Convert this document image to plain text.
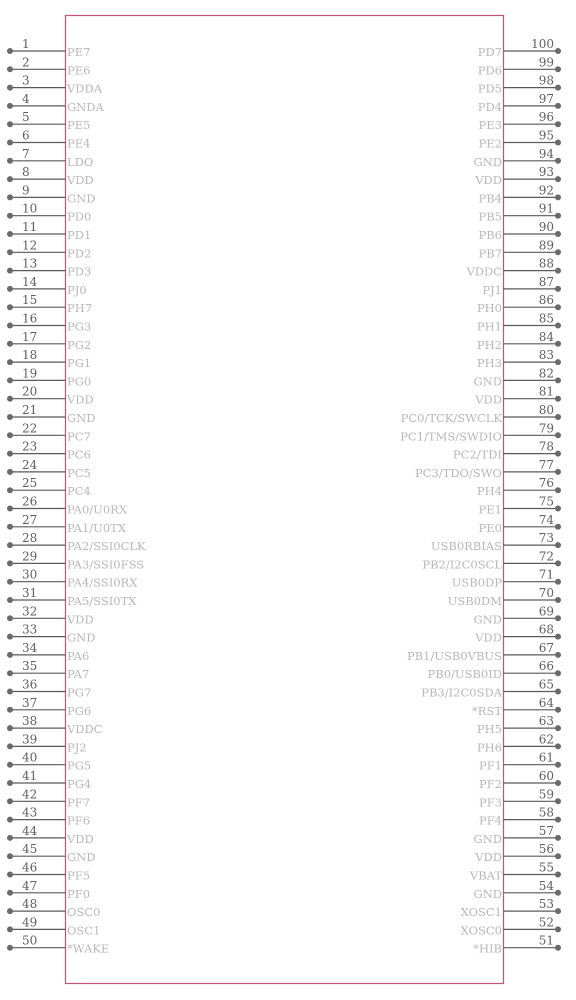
1
PE7
2
PE6
3
VDDA
4
GNDA
5
PE5
6
PE4
7
LDO
8
VDD
9
GND
10
PD0
11
PD1
12
PD2
13
PD3
14
PJ0
15
PH7
16
PG3
17
PG2
18
PG1
19
PG0
20
VDD
21
GND
22
PC7
23
PC6
24
PC5
25
PC4
26
PA0/U0RX
27
PA1/U0TX
28
PA2/SSI0CLK
29
PA3/SSI0FSS
30
PA4/SSI0RX
31
PA5/SSI0TX
32
VDD
33
GND
34
PA6
35
PA7
36
PG7
37
PG6
38
VDDC
39
PJ2
40
PG5
41
PG4
42
PF7
43
PF6
44
VDD
45
GND
46
PF5
47
PF0
48
OSC0
49
OSC1
50
*WAKE
100
PD7
99
PD6
98
PD5
97
PD4
96
PE3
95
PE2
94
GND
93
VDD
92
PB4
91
PB5
90
PB6
89
PB7
88
VDDC
87
PJ1
86
PH0
85
PH1
84
PH2
83
PH3
82
GND
81
VDD
80
PC0/TCK/SWCLK
79
PC1/TMS/SWDIO
78
PC2/TDI
77
PC3/TDO/SWO
76
PH4
75
PE1
74
PE0
73
USB0RBIAS
72
PB2/I2C0SCL
71
USB0DP
70
USB0DM
69
GND
68
VDD
67
PB1/USB0VBUS
66
PB0/USB0ID
65
PB3/I2C0SDA
64
*RST
63
PH5
62
PH6
61
PF1
60
PF2
59
PF3
58
PF4
57
GND
56
VDD
55
VBAT
54
GND
53
XOSC1
52
XOSC0
51
*HIB
